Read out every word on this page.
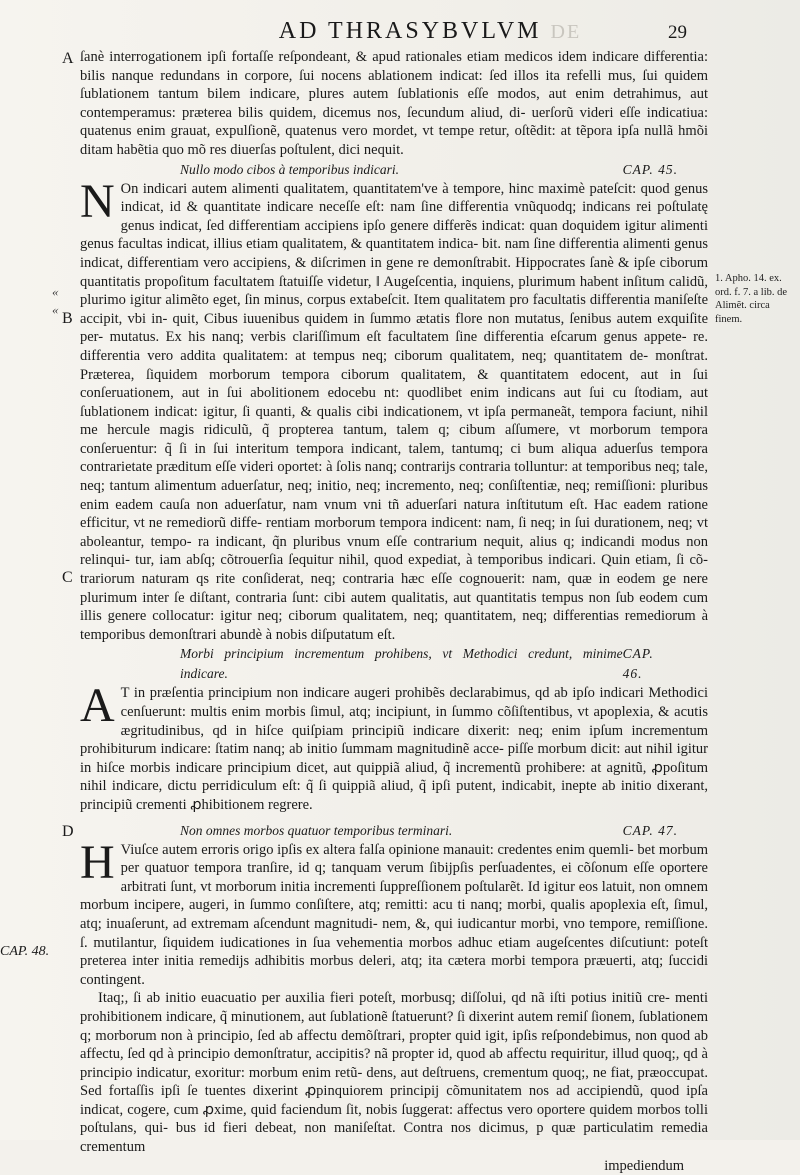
AD THRASYBVLVM DE	29
A
«
«
B
C
D
1. Apho. 14. ex. ord. f. 7. a lib. de Alimẽt. circa finem.
CAP. 48.

ſanè interrogationem ipſi fortaſſe reſpondeant, & apud rationales etiam medicos idem indicare differentia: bilis nanque redundans in corpore, ſui nocens ablationem indicat: ſed illos ita refelli mus, ſui quidem ſublationem tantum bilem indicare, plures autem ſublationis eſſe modos, aut enim detrahimus, aut contemperamus: præterea bilis quidem, dicemus nos, ſecundum aliud, di- uerſorũ videri eſſe indicatiua: quatenus enim grauat, expulſionẽ, quatenus vero mordet, vt tempe retur, oſtẽdit: at tẽpora ipſa nullã hmõi ditam habẽtia quo mõ res diuerſas poſtulent, dici nequit.

Nullo modo cibos à temporibus indicari.	CAP. 45.

N On indicari autem alimenti qualitatem, quantitatem've à tempore, hinc maximè pateſcit: quod genus indicat, id & quantitate indicare neceſſe eſt: nam ſine differentia vnũquodq; indicans rei poſtulatę genus indicat, ſed differentiam accipiens ipſo genere differẽs indicat: quan doquidem igitur alimenti genus facultas indicat, illius etiam qualitatem, & quantitatem indica- bit. nam ſine differentia alimenti genus indicat, differentiam vero accipiens, & diſcrimen in gene re demonſtrabit. Hippocrates ſanè & ipſe ciborum quantitatis propoſitum facultatem ſtatuiſſe videtur, ‖ Augeſcentia, inquiens, plurimum habent inſitum calidũ, plurimo igitur alimẽto eget, ſin minus, corpus extabeſcit. Item qualitatem pro facultatis differentia maniſeſte accipit, vbi in- quit, Cibus iuuenibus quidem in ſummo ætatis flore non mutatus, ſenibus autem exquiſite per- mutatus. Ex his nanq; verbis clariſſimum eſt facultatem ſine differentia eſcarum genus appete- re. differentia vero addita qualitatem: at tempus neq; ciborum qualitatem, neq; quantitatem de- monſtrat. Præterea, ſiquidem morborum tempora ciborum qualitatem, & quantitatem edocent, aut in ſui conſeruationem, aut in ſui abolitionem edocebu nt: quodlibet enim indicans aut ſui cu ſtodiam, aut ſublationem indicat: igitur, ſi quanti, & qualis cibi indicationem, vt ipſa permaneãt, tempora faciunt, nihil me hercule magis ridiculũ, q̃ propterea tantum, talem q; cibum aſſumere, vt morborum tempora conſeruentur: q̃ ſi in ſui interitum tempora indicant, talem, tantumq; ci bum aliqua aduerſus tempora contrarietate præditum eſſe videri oportet: à ſolis nanq; contrarijs contraria tolluntur: at temporibus neq; tale, neq; tantum alimentum aduerſatur, neq; initio, neq; incremento, neq; conſiſtentiæ, neq; remiſſioni: pluribus enim eadem cauſa non aduerſatur, nam vnum vni tñ aduerſari natura inſtitutum eſt. Hac eadem ratione efficitur, vt ne remediorũ diffe- rentiam morborum tempora indicent: nam, ſi neq; in ſui durationem, neq; vt aboleantur, tempo- ra indicant, q̃n pluribus vnum eſſe contrarium nequit, alius q; indicandi modus non relinqui- tur, iam abſq; cõtrouerſia ſequitur nihil, quod expediat, à temporibus indicari. Quin etiam, ſi cõ- trariorum naturam qs rite conſiderat, neq; contraria hæc eſſe cognouerit: nam, quæ in eodem ge nere plurimum inter ſe diſtant, contraria ſunt: cibi autem qualitatis, aut quantitatis tempus non ſub eodem cum illis genere collocatur: igitur neq; ciborum qualitatem, neq; quantitatem, neq; differentias remediorum à temporibus demonſtrari abundè à nobis diſputatum eſt.

Morbi principium incrementum prohibens, vt Methodici credunt, minime indicare.
CAP. 46.

A T in præſentia principium non indicare augeri prohibẽs declarabimus, qd ab ipſo indicari Methodici cenſuerunt: multis enim morbis ſimul, atq; incipiunt, in ſummo cõſiſtentibus, vt apoplexia, & acutis ægritudinibus, qd in hiſce quiſpiam principiũ indicare dixerit: neq; enim ipſum incrementum prohibiturum indicare: ſtatim nanq; ab initio ſummam magnitudinẽ acce- piſſe morbum dicit: aut nihil igitur in hiſce morbis indicare principium dicet, aut quippiã aliud, q̃ incrementũ prohibere: at agnitũ, ꝓpoſitum nihil indicare, dictu perridiculum eſt: q̃ ſi quippiã aliud, q̃ ipſi putent, indicabit, inepte ab initio dixerant, principiũ crementi ꝓhibitionem regrere.

Non omnes morbos quatuor temporibus terminari.	CAP. 47.

H Viuſce autem erroris origo ipſis ex altera falſa opinione manauit: credentes enim quemli- bet morbum per quatuor tempora tranſire, id q; tanquam verum ſibijpſis perſuadentes, ei cõſonum eſſe oportere arbitrati ſunt, vt morborum initia incrementi ſuppreſſionem poſtularẽt. Id igitur eos latuit, non omnem morbum incipere, augeri, in ſummo conſiſtere, atq; remitti: acu ti nanq; morbi, qualis apoplexia eſt, ſimul, atq; inuaſerunt, ad extremam aſcendunt magnitudi- nem, &, qui iudicantur morbi, vno tempore, remiſſione. ſ. mutilantur, ſiquidem iudicationes in ſua vehementia morbos adhuc etiam augeſcentes diſcutiunt: poteſt preterea inter initia remedijs adhibitis morbus deleri, atq; ita cætera morbi tempora præuerti, atq; ſuccidi contingent.

Itaq;, ſi ab initio euacuatio per auxilia fieri poteſt, morbusq; diſſolui, qd nã iſti potius initiũ cre- menti prohibitionem indicare, q̃ minutionem, aut ſublationẽ ſtatuerunt? ſi dixerint autem remiſ ſionem, ſublationem q; morborum non à principio, ſed ab affectu demõſtrari, propter quid igit, ipſis reſpondebimus, non quod ab affectu, ſed qd à principio demonſtratur, accipitis? nã propter id, quod ab affectu requiritur, illud quoq;, qd à principio indicatur, exoritur: morbum enim retũ- dens, aut deſtruens, crementum quoq;, ne fiat, præoccupat. Sed fortaſſis ipſi ſe tuentes dixerint ꝓpinquiorem principij cõmunitatem nos ad accipiendũ, quod ipſa indicat, cogere, cum ꝓxime, quid faciendum ſit, nobis ſuggerat: affectus vero oportere quidem morbos tolli poſtulans, qui- bus id fieri debeat, non maniſeſtat. Contra nos dicimus, p quæ particulatim remedia crementum

impediendum
